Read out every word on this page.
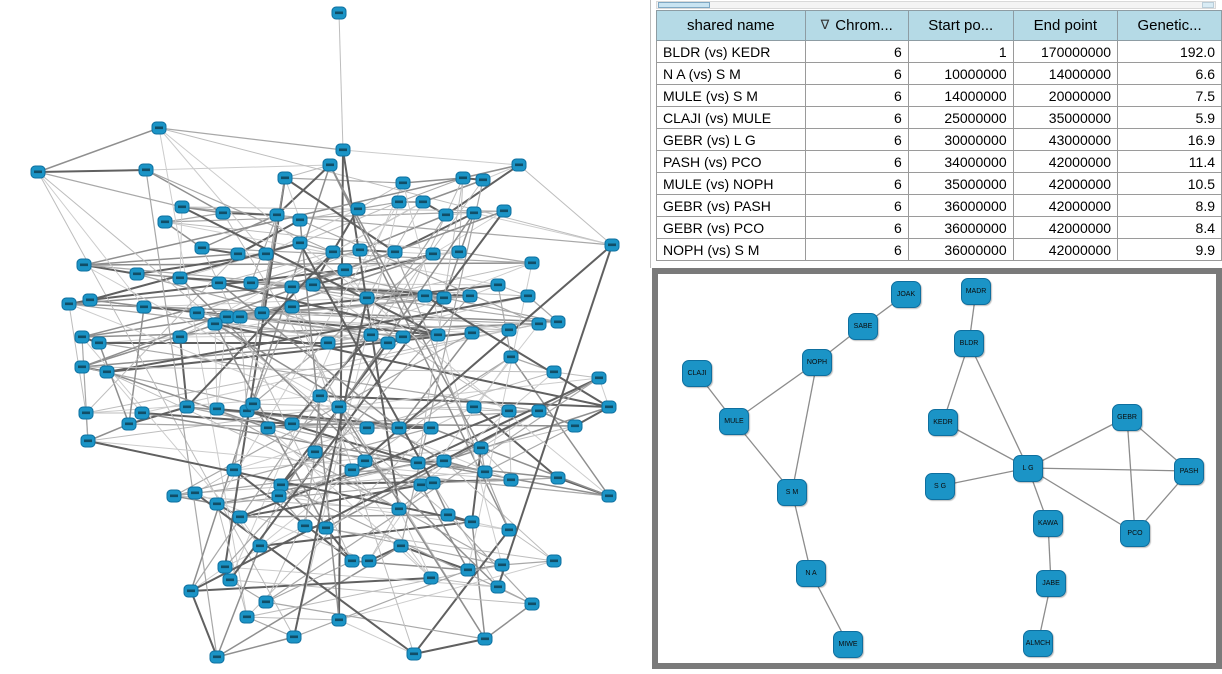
shared name	∇ Chrom...	Start po...	End point	Genetic...
BLDR (vs) KEDR	6	1	170000000	192.0
N A (vs) S M	6	10000000	14000000	6.6
MULE (vs) S M	6	14000000	20000000	7.5
CLAJI (vs) MULE	6	25000000	35000000	5.9
GEBR (vs) L G	6	30000000	43000000	16.9
PASH (vs) PCO	6	34000000	42000000	11.4
MULE (vs) NOPH	6	35000000	42000000	10.5
GEBR (vs) PASH	6	36000000	42000000	8.9
GEBR (vs) PCO	6	36000000	42000000	8.4
NOPH (vs) S M	6	36000000	42000000	9.9
JOAK	MADR
SABE
BLDR
NOPH
CLAJI
MULE	KEDR
GEBR
L G	PASH
S G
S M
KAWA
PCO
N A
JABE
MIWE	ALMCH
